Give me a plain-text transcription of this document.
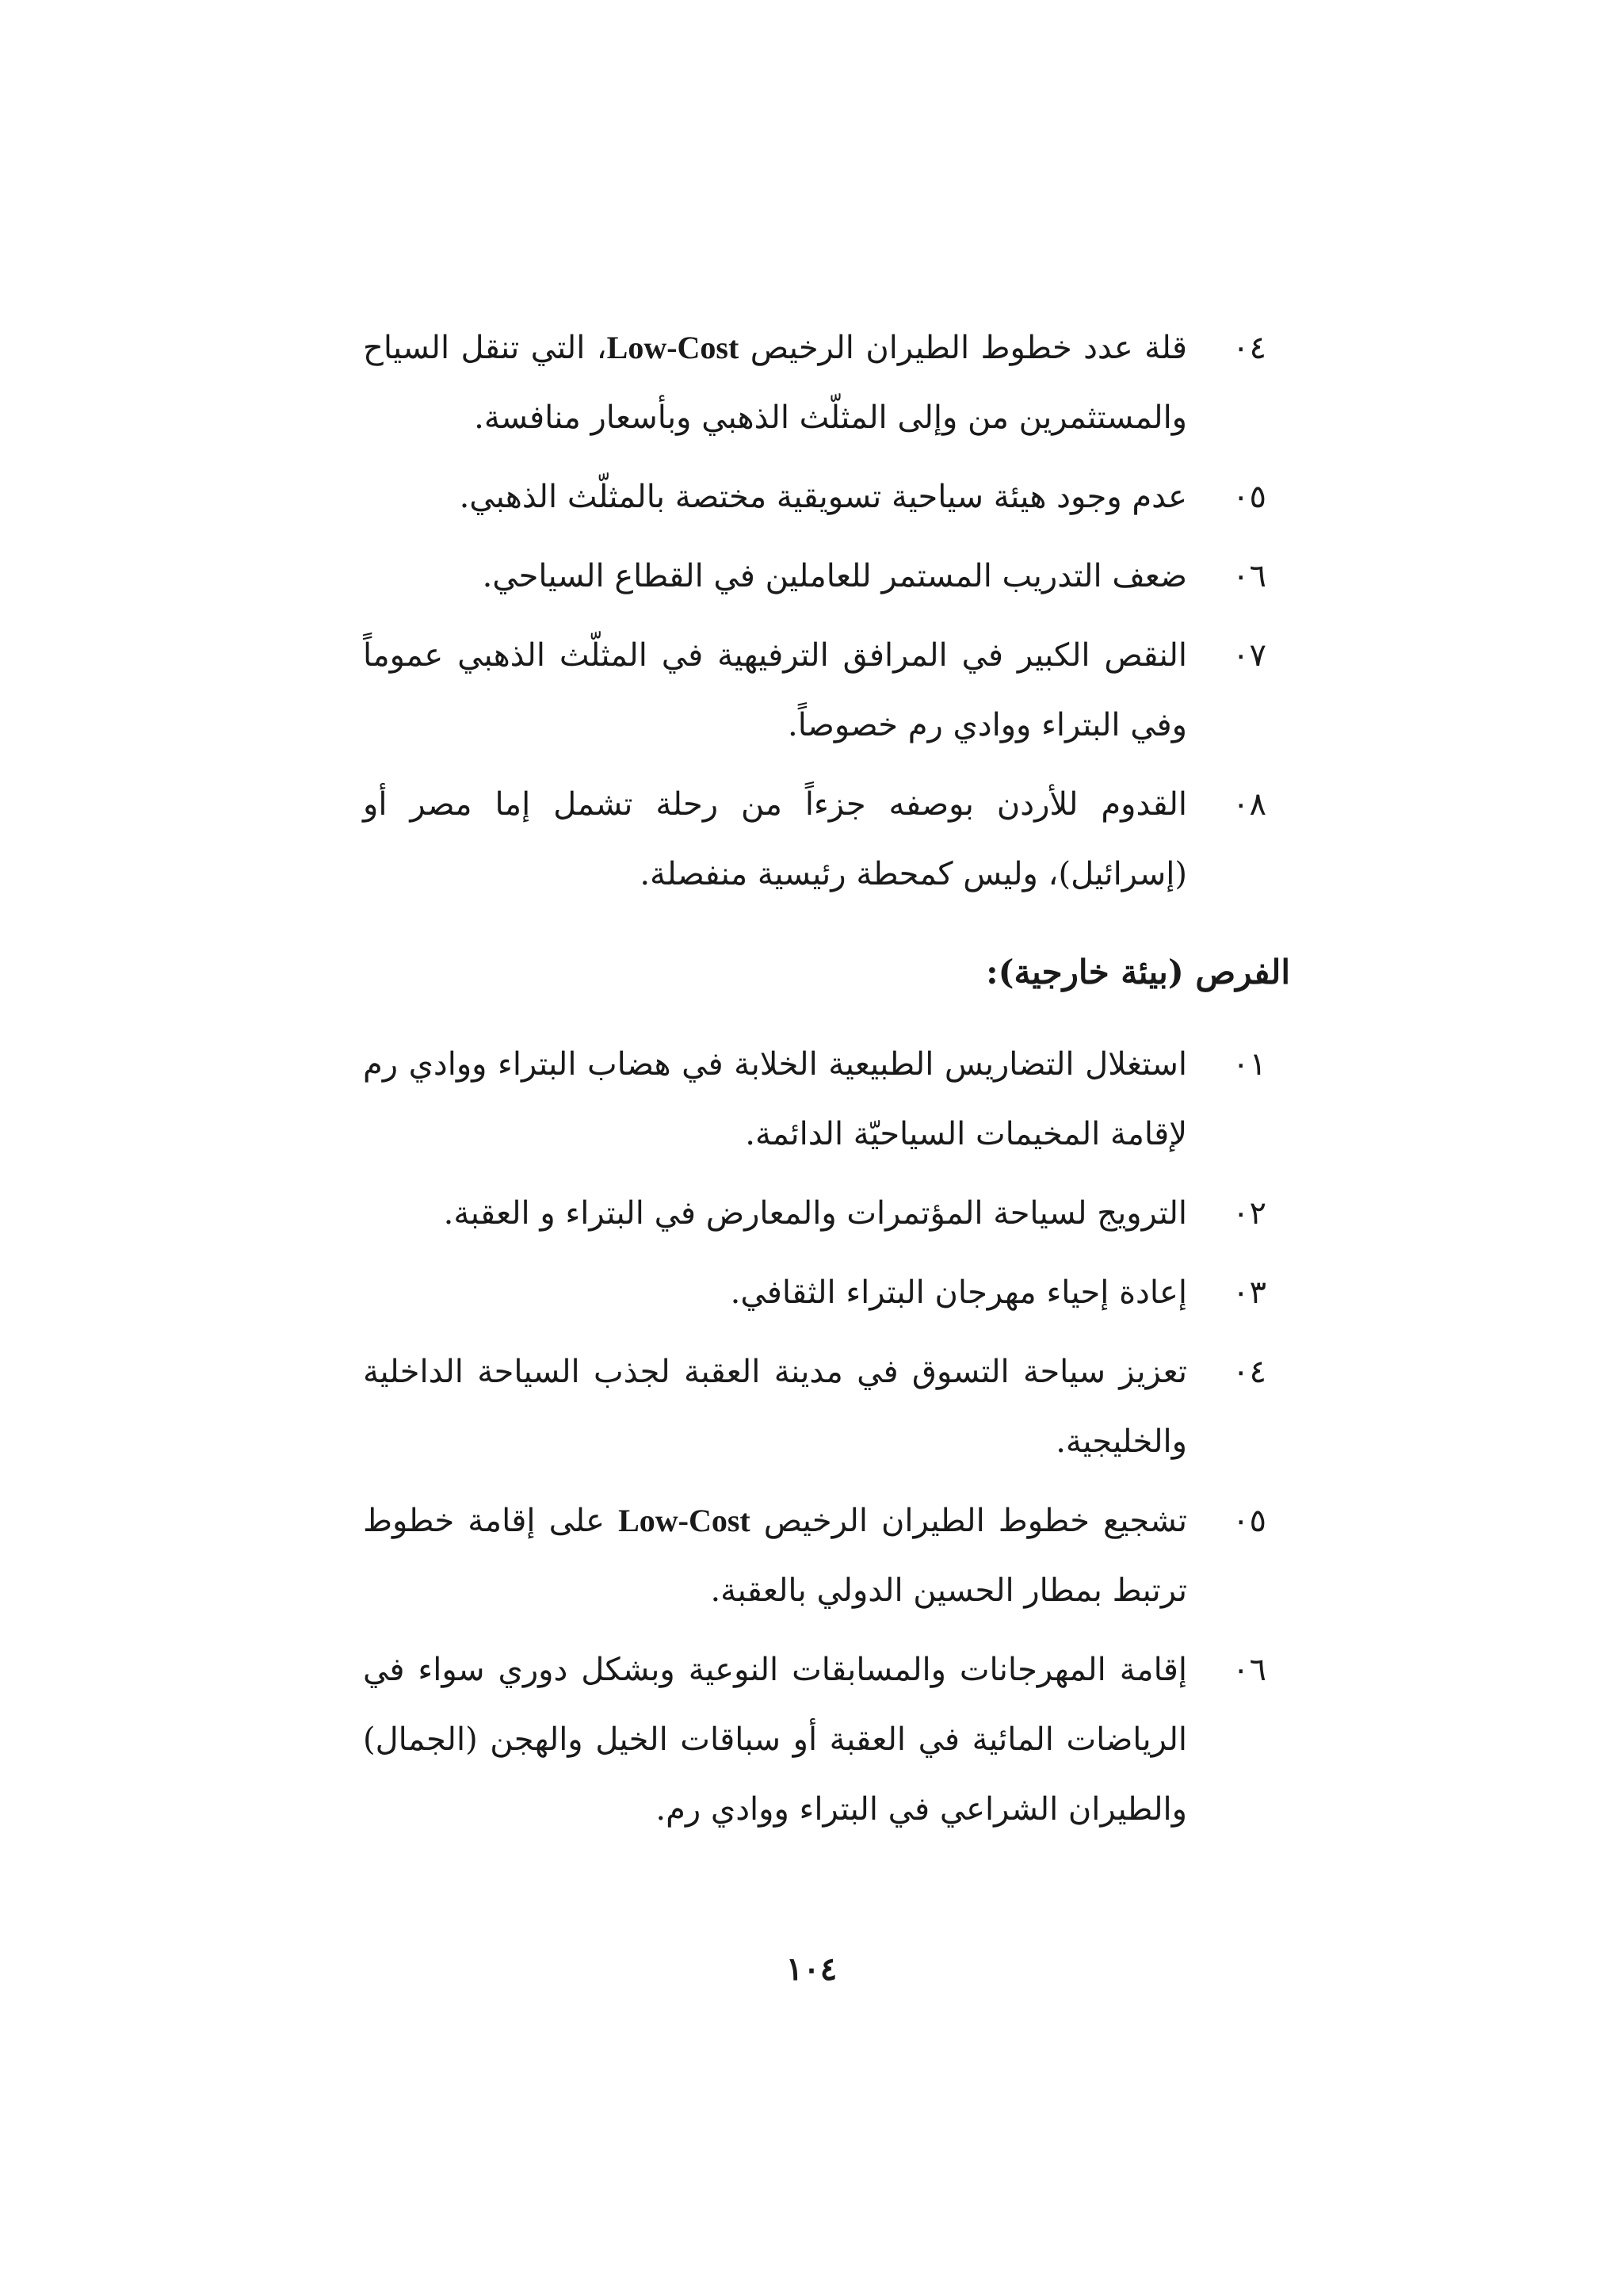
٠٤
قلة عدد خطوط الطيران الرخيص Low-Cost، التي تنقل السياح والمستثمرين من وإلى المثلّث الذهبي وبأسعار منافسة.
٠٥
عدم وجود هيئة سياحية تسويقية مختصة بالمثلّث الذهبي.
٠٦
ضعف التدريب المستمر للعاملين في القطاع السياحي.
٠٧
النقص الكبير في المرافق الترفيهية في المثلّث الذهبي عموماً وفي البتراء ووادي رم خصوصاً.
٠٨
القدوم للأردن بوصفه جزءاً من رحلة تشمل إما مصر أو (إسرائيل)، وليس كمحطة رئيسية منفصلة.
الفرص (بيئة خارجية):
٠١
استغلال التضاريس الطبيعية الخلابة في هضاب البتراء ووادي رم لإقامة المخيمات السياحيّة الدائمة.
٠٢
الترويج لسياحة المؤتمرات والمعارض في البتراء و العقبة.
٠٣
إعادة إحياء مهرجان البتراء الثقافي.
٠٤
تعزيز سياحة التسوق في مدينة العقبة لجذب السياحة الداخلية والخليجية.
٠٥
تشجيع خطوط الطيران الرخيص Low-Cost على إقامة خطوط ترتبط بمطار الحسين الدولي بالعقبة.
٠٦
إقامة المهرجانات والمسابقات النوعية وبشكل دوري سواء في الرياضات المائية في العقبة أو سباقات الخيل والهجن (الجمال) والطيران الشراعي في البتراء ووادي رم.
١٠٤
